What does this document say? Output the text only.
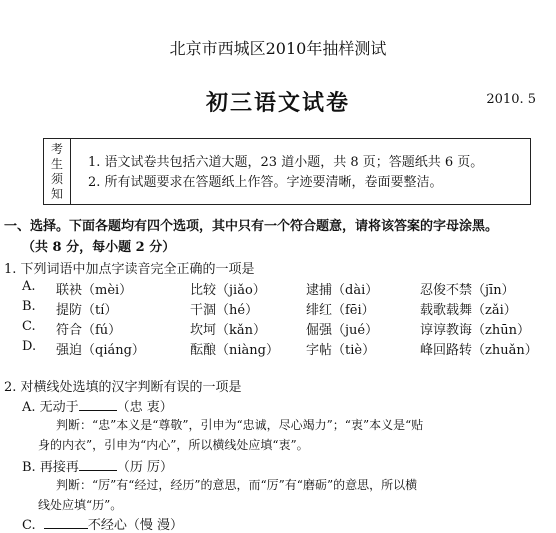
北京市西城区2010年抽样测试
初三语文试卷	2010. 5
考
生
须
知
1. 语文试卷共包括六道大题，23 道小题，共 8 页；答题纸共 6 页。
2. 所有试题要求在答题纸上作答。字迹要清晰，卷面要整洁。
一、选择。下面各题均有四个选项，其中只有一个符合题意，请将该答案的字母涂黑。
（共 8 分，每小题 2 分）
1. 下列词语中加点字读音完全正确的一项是
A. 联袂（mèi）	比较（jiǎo）	逮捕（dài）	忍俊不禁（jīn）
B. 提防（tí）	干涸（hé）	绯红（fēi）	载歌载舞（zǎi）
C. 符合（fú）	坎坷（kǎn）	倔强（jué）	谆谆教诲（zhūn）
D. 强迫（qiáng）	酝酿（niàng） 字帖（tiè）	峰回路转（zhuǎn）
2. 对横线处选填的汉字判断有误的一项是
A. 无动于	（忠 衷）
判断：“忠”本义是“尊敬”，引申为“忠诚，尽心竭力”；“衷”本义是“贴
身的内衣”，引申为“内心”，所以横线处应填“衷”。
B. 再接再	（历 厉）
判断：“厉”有“经过，经历”的意思，而“厉”有“磨砺”的意思，所以横
线处应填“历”。
C.	不经心（慢 漫）
